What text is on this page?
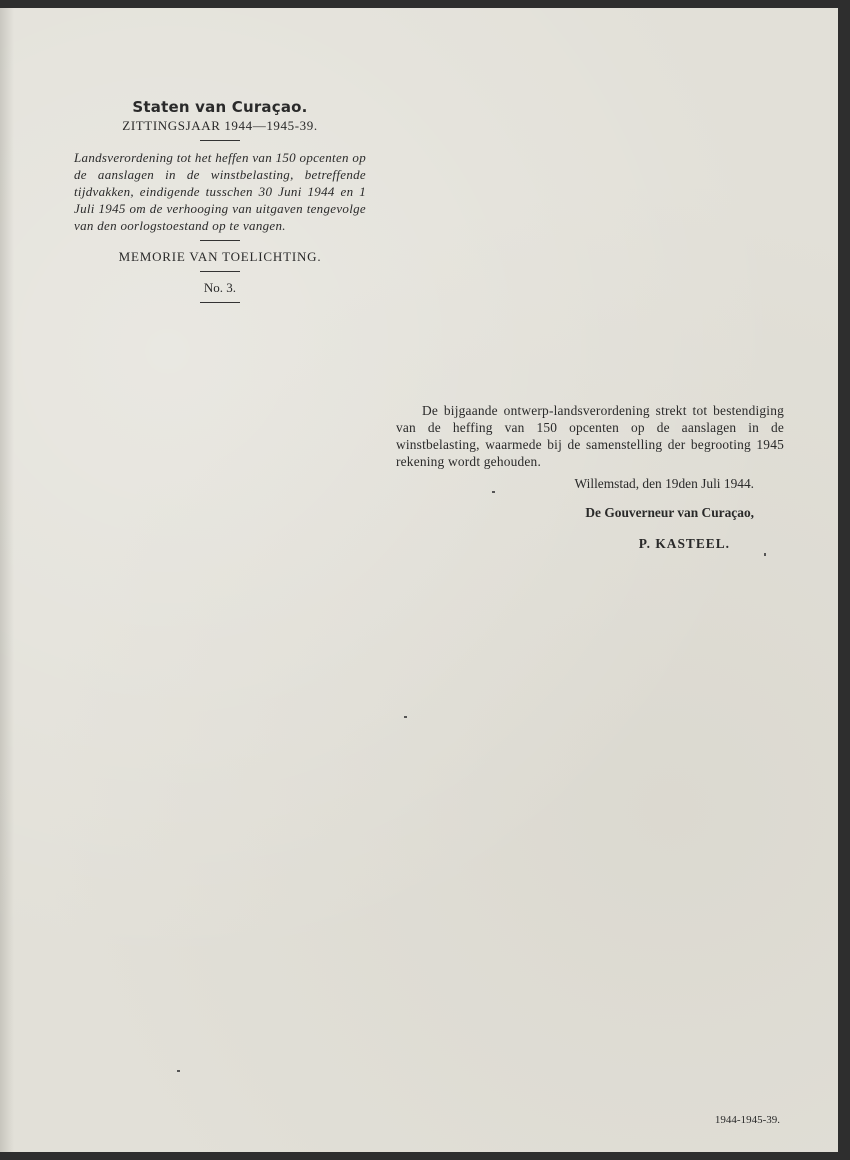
Staten van Curaçao.

ZITTINGSJAAR 1944—1945-39.

Landsverordening tot het heffen van 150 opcenten op de aanslagen in de winstbelasting, betreffende tijdvakken, eindigende tusschen 30 Juni 1944 en 1 Juli 1945 om de verhooging van uitgaven tengevolge van den oorlogstoestand op te vangen.

MEMORIE VAN TOELICHTING.
No. 3.

De bijgaande ontwerp-landsverordening strekt tot bestendiging van de heffing van 150 opcenten op de aanslagen in de winstbelasting, waarmede bij de samenstelling der begrooting 1945 rekening wordt gehouden.

Willemstad, den 19den Juli 1944.
De Gouverneur van Curaçao,
P. KASTEEL.
1944-1945-39.
